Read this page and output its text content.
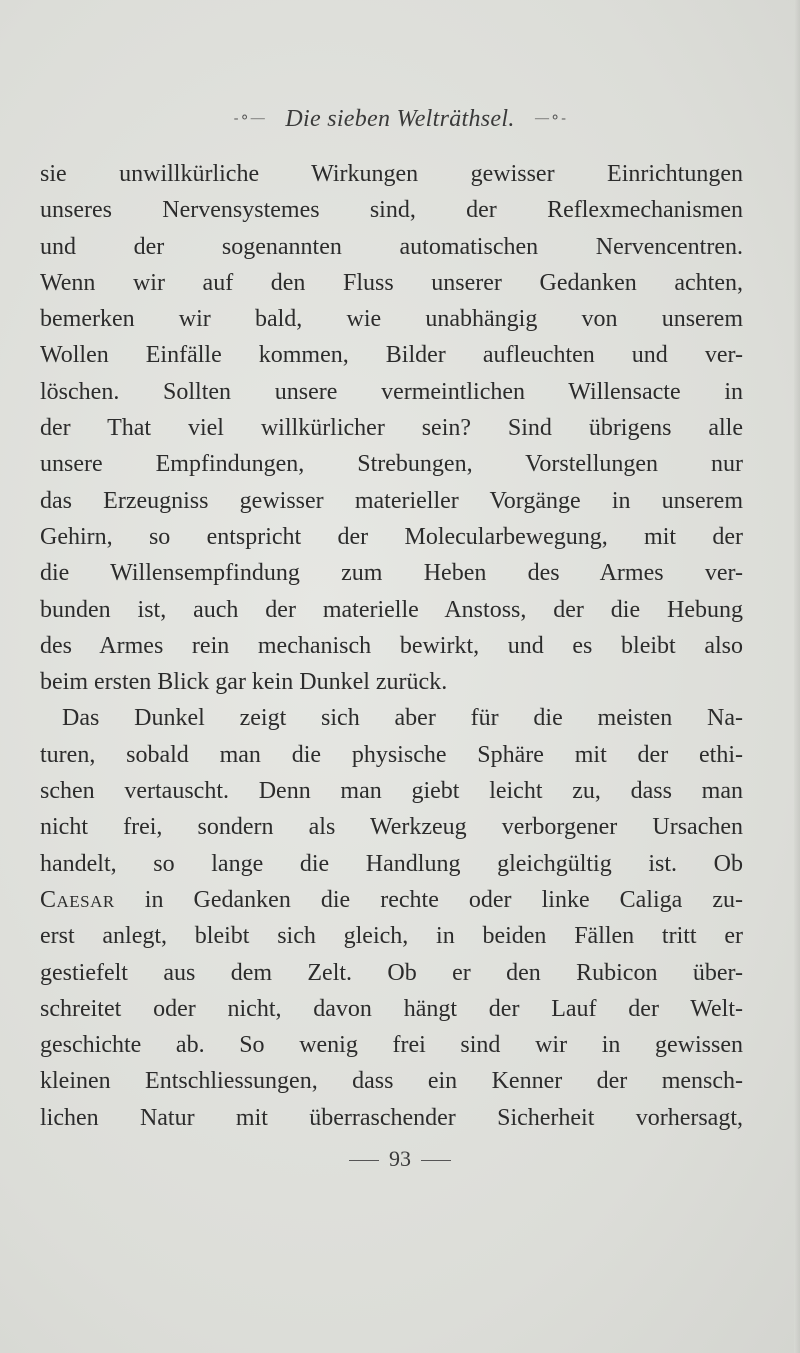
-⚬— Die sieben Welträthsel. —⚬-

sie unwillkürliche Wirkungen gewisser Einrichtungen

unseres Nervensystemes sind, der Reflexmechanismen

und der sogenannten automatischen Nervencentren.

Wenn wir auf den Fluss unserer Gedanken achten,

bemerken wir bald, wie unabhängig von unserem

Wollen Einfälle kommen, Bilder aufleuchten und ver-

löschen. Sollten unsere vermeintlichen Willensacte in

der That viel willkürlicher sein? Sind übrigens alle

unsere Empfindungen, Strebungen, Vorstellungen nur

das Erzeugniss gewisser materieller Vorgänge in unserem

Gehirn, so entspricht der Molecularbewegung, mit der

die Willensempfindung zum Heben des Armes ver-

bunden ist, auch der materielle Anstoss, der die Hebung

des Armes rein mechanisch bewirkt, und es bleibt also

beim ersten Blick gar kein Dunkel zurück.

Das Dunkel zeigt sich aber für die meisten Na-

turen, sobald man die physische Sphäre mit der ethi-

schen vertauscht. Denn man giebt leicht zu, dass man

nicht frei, sondern als Werkzeug verborgener Ursachen

handelt, so lange die Handlung gleichgültig ist. Ob

Caesar in Gedanken die rechte oder linke Caliga zu-

erst anlegt, bleibt sich gleich, in beiden Fällen tritt er

gestiefelt aus dem Zelt. Ob er den Rubicon über-

schreitet oder nicht, davon hängt der Lauf der Welt-

geschichte ab. So wenig frei sind wir in gewissen

kleinen Entschliessungen, dass ein Kenner der mensch-

lichen Natur mit überraschender Sicherheit vorhersagt,

93
